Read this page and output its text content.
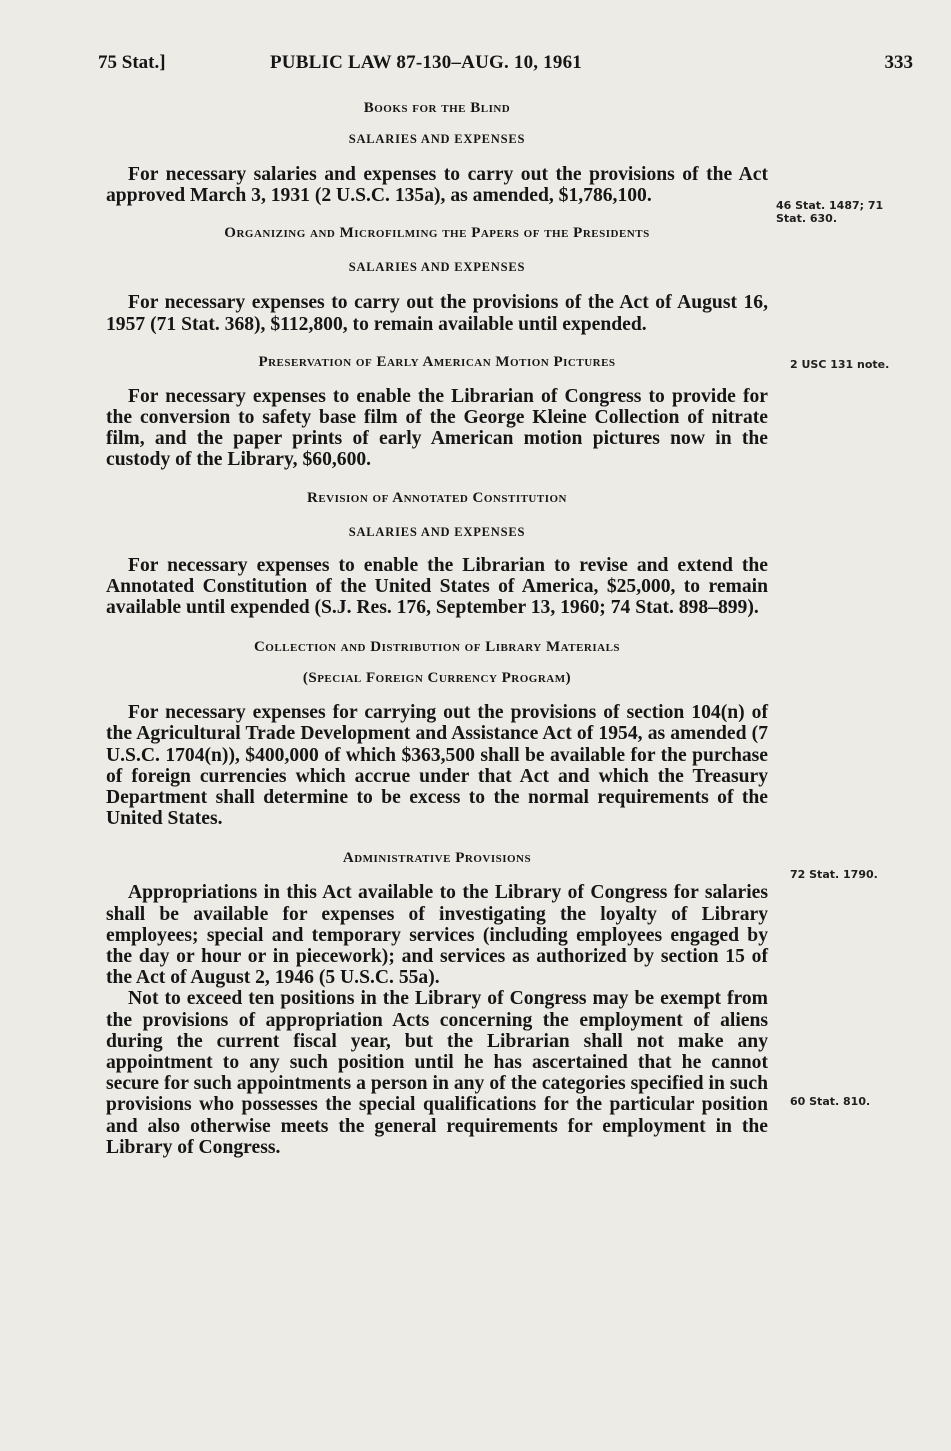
75 Stat.]	PUBLIC LAW 87-130–AUG. 10, 1961	333

Books for the Blind

SALARIES AND EXPENSES

For necessary salaries and expenses to carry out the provisions of the Act approved March 3, 1931 (2 U.S.C. 135a), as amended, $1,786,100.

Organizing and Microfilming the Papers of the Presidents

SALARIES AND EXPENSES

For necessary expenses to carry out the provisions of the Act of August 16, 1957 (71 Stat. 368), $112,800, to remain available until expended.

Preservation of Early American Motion Pictures

For necessary expenses to enable the Librarian of Congress to provide for the conversion to safety base film of the George Kleine Collection of nitrate film, and the paper prints of early American motion pictures now in the custody of the Library, $60,600.

Revision of Annotated Constitution

SALARIES AND EXPENSES

For necessary expenses to enable the Librarian to revise and extend the Annotated Constitution of the United States of America, $25,000, to remain available until expended (S.J. Res. 176, September 13, 1960; 74 Stat. 898–899).

Collection and Distribution of Library Materials

(Special Foreign Currency Program)

For necessary expenses for carrying out the provisions of section 104(n) of the Agricultural Trade Development and Assistance Act of 1954, as amended (7 U.S.C. 1704(n)), $400,000 of which $363,500 shall be available for the purchase of foreign currencies which accrue under that Act and which the Treasury Department shall determine to be excess to the normal requirements of the United States.

Administrative Provisions

Appropriations in this Act available to the Library of Congress for salaries shall be available for expenses of investigating the loyalty of Library employees; special and temporary services (including employees engaged by the day or hour or in piecework); and services as authorized by section 15 of the Act of August 2, 1946 (5 U.S.C. 55a).

Not to exceed ten positions in the Library of Congress may be exempt from the provisions of appropriation Acts concerning the employment of aliens during the current fiscal year, but the Librarian shall not make any appointment to any such position until he has ascertained that he cannot secure for such appointments a person in any of the categories specified in such provisions who possesses the special qualifications for the particular position and also otherwise meets the general requirements for employment in the Library of Congress.

46 Stat. 1487; 71 Stat. 630.
2 USC 131 note.
72 Stat. 1790.
60 Stat. 810.
